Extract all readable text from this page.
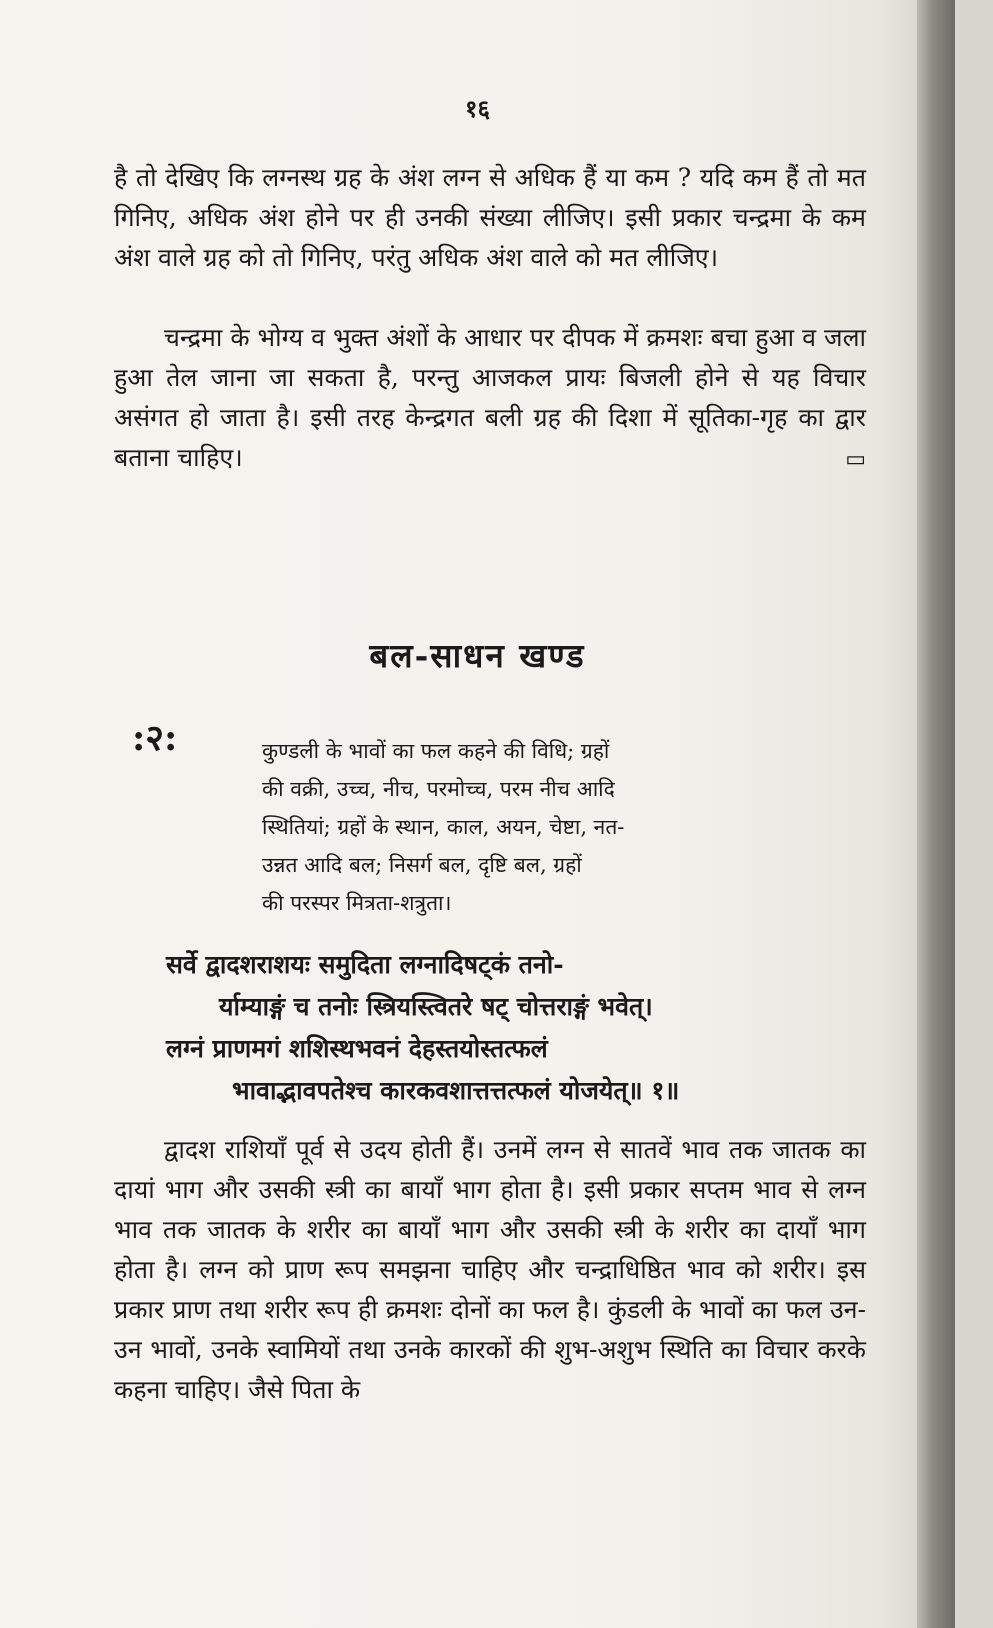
१६

है तो देखिए कि लग्नस्थ ग्रह के अंश लग्न से अधिक हैं या कम ? यदि कम हैं तो मत गिनिए, अधिक अंश होने पर ही उनकी संख्या लीजिए। इसी प्रकार चन्द्रमा के कम अंश वाले ग्रह को तो गिनिए, परंतु अधिक अंश वाले को मत लीजिए।

चन्द्रमा के भोग्य व भुक्त अंशों के आधार पर दीपक में क्रमशः बचा हुआ व जला हुआ तेल जाना जा सकता है, परन्तु आजकल प्रायः बिजली होने से यह विचार असंगत हो जाता है। इसी तरह केन्द्रगत बली ग्रह की दिशा में सूतिका-गृह का द्वार बताना चाहिए।	▭

बल-साधन खण्ड
:२:	कुण्डली के भावों का फल कहने की विधि; ग्रहों

की वक्री, उच्च, नीच, परमोच्च, परम नीच आदि

स्थितियां; ग्रहों के स्थान, काल, अयन, चेष्टा, नत-

उन्नत आदि बल; निसर्ग बल, दृष्टि बल, ग्रहों

की परस्पर मित्रता-शत्रुता।

सर्वे द्वादशराशयः समुदिता लग्नादिषट्कं तनो-

र्याम्याङ्गं च तनोः स्त्रियस्त्वितरे षट् चोत्तराङ्गं भवेत्।

लग्नं प्राणमगं शशिस्थभवनं देहस्तयोस्तत्फलं

भावाद्भावपतेश्च कारकवशात्तत्तत्फलं योजयेत्॥ १॥

द्वादश राशियाँ पूर्व से उदय होती हैं। उनमें लग्न से सातवें भाव तक जातक का दायां भाग और उसकी स्त्री का बायाँ भाग होता है। इसी प्रकार सप्तम भाव से लग्न भाव तक जातक के शरीर का बायाँ भाग और उसकी स्त्री के शरीर का दायाँ भाग होता है। लग्न को प्राण रूप समझना चाहिए और चन्द्राधिष्ठित भाव को शरीर। इस प्रकार प्राण तथा शरीर रूप ही क्रमशः दोनों का फल है। कुंडली के भावों का फल उन-उन भावों, उनके स्वामियों तथा उनके कारकों की शुभ-अशुभ स्थिति का विचार करके कहना चाहिए। जैसे पिता के
